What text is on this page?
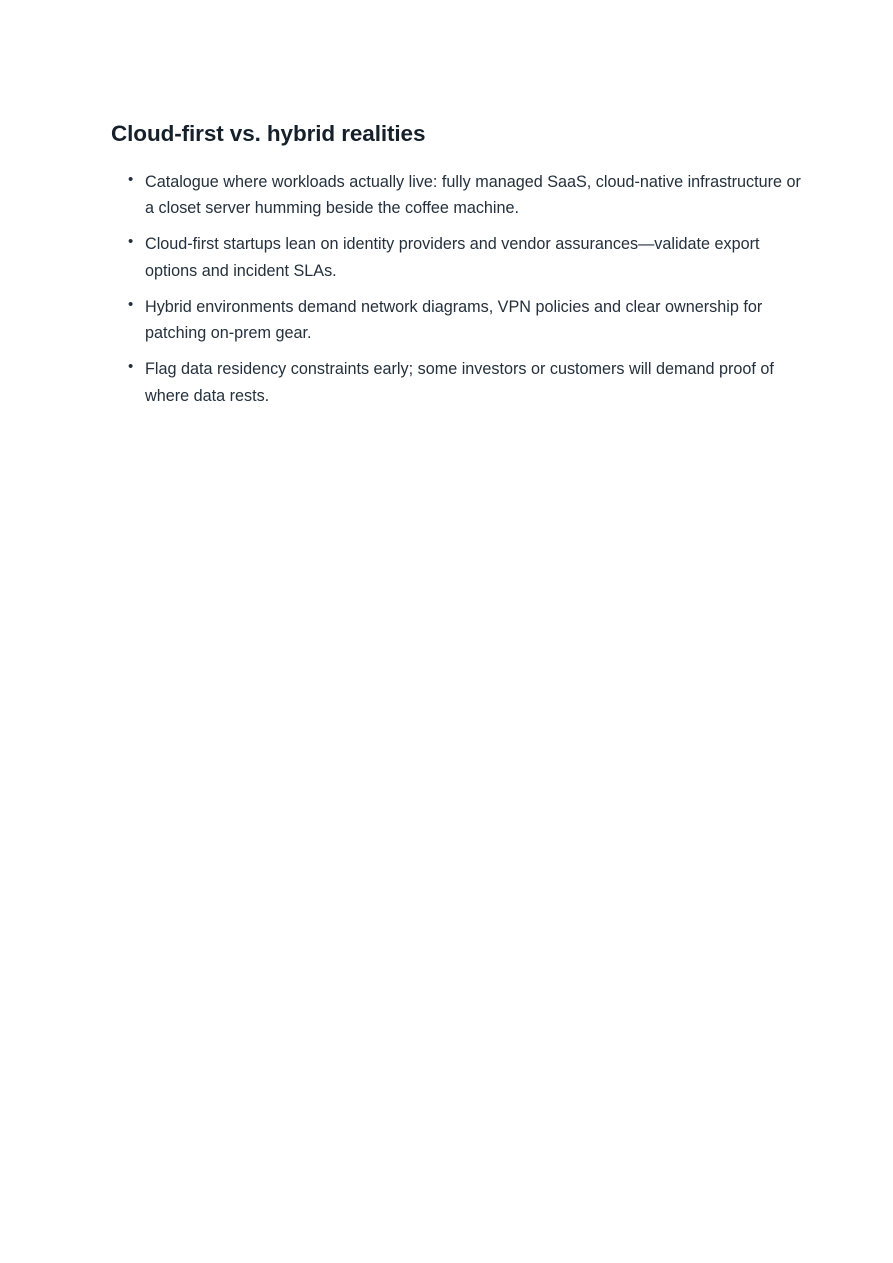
Cloud-first vs. hybrid realities
• Catalogue where workloads actually live: fully managed SaaS, cloud-native infrastructure or a closet server humming beside the coffee machine.
• Cloud-first startups lean on identity providers and vendor assurances—validate export options and incident SLAs.
• Hybrid environments demand network diagrams, VPN policies and clear ownership for patching on-prem gear.
• Flag data residency constraints early; some investors or customers will demand proof of where data rests.
